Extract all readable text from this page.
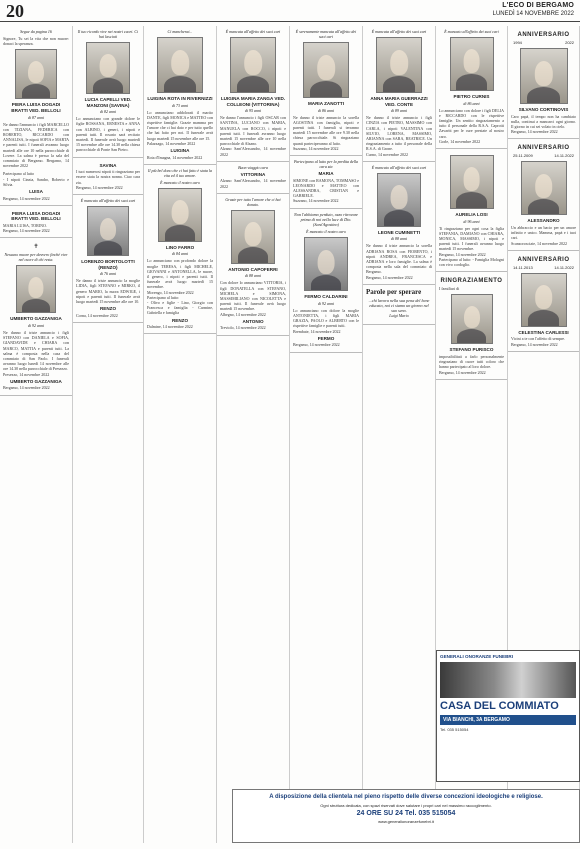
20	L'ECO DI BERGAMO
LUNEDÌ 14 NOVEMBRE 2022
Segue da pagina 16
Signore, Tu sei la vita che non muore: donaci la speranza.
PIERA LUISA DOGADI BRATTI VED. BELLOLI
di 87 anni
Ne danno l'annuncio i figli MARCELLO con TIZIANA, FEDERICA con ROBERTO, RICCARDO con ANNALISA, le nipoti SOFIA e MARTA e parenti tutti. I funerali avranno luogo martedì alle ore 10 nella parrocchiale di Lovere. La salma è presso la sala del commiato di Bergamo. Bergamo, 14 novembre 2022
Partecipano al lutto
- I nipoti Cinzia, Sandro, Roberto e Silvia.
LUISA
Bergamo, 14 novembre 2022
PIERA LUISA DOGADI BRATTI VED. BELLOLI
MARIA LUISA, TORINO.
Bergamo, 14 novembre 2022
✝
Nessuno muore per davvero finché vive nel cuore di chi resta.
UMBERTO GAZZANIGA
di 92 anni
Ne danno il triste annuncio i figli STEFANO con DANIELA e SOFIA, GIANDAVIDE e CHIARA con MARCO, MATTIA e parenti tutti. La salma è composta nella casa del commiato di San Paolo. I funerali avranno luogo lunedì 14 novembre alle ore 14.30 nella parrocchiale di Presezzo.
Presezzo, 14 novembre 2022
UMBERTO GAZZANIGA
Bergamo, 14 novembre 2022
Il tuo ricordo vive nei nostri cuori. Ci hai lasciati
LUCIA CAPELLI VED. MANZONI (SAVINA)
di 82 anni
Lo annunciano con grande dolore le figlie ROSSANA, ERNESTA e ANNA con ALBINO, i generi, i nipoti e parenti tutti. Il rosario sarà recitato martedì. Il funerale avrà luogo martedì 15 novembre alle ore 14.30 nella chiesa parrocchiale di Ponte San Pietro.
SAVINA
I tuoi numerosi nipoti ti ringraziano per essere stata la nostra nonna. Ciao cara zia.
Bergamo, 14 novembre 2022
È mancato all'affetto dei suoi cari
LORENZO BORTOLOTTI (RENZO)
di 76 anni
Ne danno il triste annuncio la moglie LIDIA, figli STEFANO e MIRKO, il genero MARIO, la nuora EDWIGE, i nipoti e parenti tutti. Il funerale avrà luogo martedì 15 novembre alle ore 10.
RENZO
Corna, 14 novembre 2022
Ci mancherai...
LUIGINA ROTA IN RIVERNIZZI
di 73 anni
Lo annunciano addolorati il marito DANTE, figli MONICA e MATTEO con rispettive famiglie. Grazie mamma per l'amore che ci hai dato e per tutto quello che hai fatto per noi. Il funerale avrà luogo martedì 15 novembre alle ore 15.
Palazzago, 14 novembre 2022
LUIGINA
Rota d'Imagna, 14 novembre 2022
Il più bel dono che ci hai fatto è stata la vita ed il tuo amore.
È mancato il nostro caro
LINO FARRO
di 84 anni
Lo annunciano con profondo dolore la moglie TERESA, i figli MICHELE, GIOVANNI e ANTONELLA, le nuore, il genero, i nipoti e parenti tutti. Il funerale avrà luogo martedì 15 novembre.
Morengo, 14 novembre 2022
Partecipano al lutto:
- Olivo e figlie - Lino, Giorgio con Francesca e famiglia - Carmine, Gabriella e famiglia
RENZO
Dalmine, 14 novembre 2022
È mancata all'affetto dei suoi cari
LUIGINA MARIA ZANGA VED. COLLEONI (VITTORINA)
di 95 anni
Ne danno l'annuncio i figli OSCAR con SANTINA, LUCIANO con MARIA, MANUELA con ROCCO, i nipoti e parenti tutti. I funerali avranno luogo martedì 15 novembre alle ore 10 nella parrocchiale di Alzano.
Alzano Sant'Alessandro, 14 novembre 2022
Buon viaggio cara
VITTORINA
Alzano Sant'Alessandro, 14 novembre 2022
Grazie per tutto l'amore che ci hai donato.
ANTONIO CAPOFERRI
di 88 anni
Con dolore lo annunciano VITTORIA, i figli DONATELLA con STEFANO, MICHELA e SIMONA, MASSIMILIANO con NICOLETTA e parenti tutti. Il funerale avrà luogo martedì 15 novembre.
Albegno, 14 novembre 2022
ANTONIO
Treviolo, 14 novembre 2022
È serenamente mancata all'affetto dei suoi cari
MARIA ZANOTTI
di 86 anni
Ne danno il triste annuncio la sorella AGOSTINA con famiglia, nipoti e parenti tutti. I funerali si terranno martedì 15 novembre alle ore 9.30 nella chiesa parrocchiale. Si ringraziano quanti parteciperanno al lutto.
Suzzano, 14 novembre 2022
Partecipano al lutto per la perdita della cara zia
MARIA
SIMONE con RAMONA, TOMMASO e LEONARDO e MATTEO con ALESSANDRA, CRISTIAN e GABRIELE.
Suzzano, 14 novembre 2022
Non l'abbiamo perduto, ozzo ritrovare prima di noi nella luce di Dio. (Sant'Agostino)
È mancato il nostro caro
FERMO CALDARINI
di 92 anni
Lo annunciano con dolore la moglie ANTONIETTA, i figli MARIA GRAZIA, PAOLO e ALBERTO con le rispettive famiglie e parenti tutti.
Brembate, 14 novembre 2022
FERMO
Bergamo, 14 novembre 2022
È mancata all'affetto dei suoi cari
ANNA MARIA GUERRAZZI VED. CONTE
di 89 anni
Ne danno il triste annuncio i figli CINZIA con PIETRO, MASSIMO con CARLA, i nipoti VALENTINA con SILVIO, LORENA, MASSIMO, ARIANNA con SARA, BEATRICE. Un ringraziamento a tutto il personale della R.S.A. di Grone.
Curno, 14 novembre 2022
È mancato all'affetto dei suoi cari
LEONE CUMINETTI
di 88 anni
Ne danno il triste annuncio la sorella ADRIANA ROSA con FIORENTO, i nipoti ANDREA, FRANCESCA e ADRIANA e loro famiglie. La salma è composta nella sala del commiato di Bergamo.
Bergamo, 14 novembre 2022
Parole per sperare
...chi lavora nella sua pena del bene educato, noi ci siamo un giorno nel suo seno.
Luigi Mario
È mancato all'affetto dei suoi cari
PIETRO CURNIS
di 86 anni
Lo annunciano con dolore i figli DELIA e RICCARDO con le rispettive famiglie. Un sentito ringraziamento a tutto il personale della R.S.A. Caprotti Zavaritt per le cure prestate al nostro caro.
Gorle, 14 novembre 2022
AURELIA LOSI
di 96 anni
Ti ringraziano per ogni cosa la figlia STEFANIA, DAMIANO con CHIARA, MONICA, MASSIMO, i nipoti e parenti tutti. I funerali avranno luogo martedì 15 novembre.
Bergamo, 14 novembre 2022
Partecipano al lutto: - Famiglia Mologni con vivo cordoglio.
RINGRAZIAMENTO
I familiari di
STEFANO PURISCO
impossibilitati a farlo personalmente ringraziano di cuore tutti coloro che hanno partecipato al loro dolore.
Bergamo, 14 novembre 2022
ANNIVERSARIO
1994	2022
SILVANO CORTINOVIS
Caro papà, il tempo non ha cambiato nulla, continui a mancarci ogni giorno. Il giorno in cui sei volato in cielo.
Bergamo, 14 novembre 2022
ANNIVERSARIO
25.11.2009	14.11.2022
ALESSANDRO
Un abbraccio e un bacio per un amore infinito e unico. Mamma, papà e i tuoi cari.
Scanzorosciate, 14 novembre 2022
ANNIVERSARIO
14.11.2013	14.11.2022
CELESTINA CARLESSI
Vicini a te con l'affetto di sempre.
Bergamo, 14 novembre 2022
GENERALI ONORANZE FUNEBRI
CASA DEL COMMIATO
VIA BIANCHI, 3A BERGAMO
Tel. 035 515054
A disposizione della clientela nel pieno rispetto delle diverse concezioni ideologiche e religiose.
Ogni struttura dedicata, con spazi riservati dove salutare i propri cari nel massimo raccoglimento.
24 ORE SU 24 Tel. 035 515054
www.generalionoranzefunebri.it
